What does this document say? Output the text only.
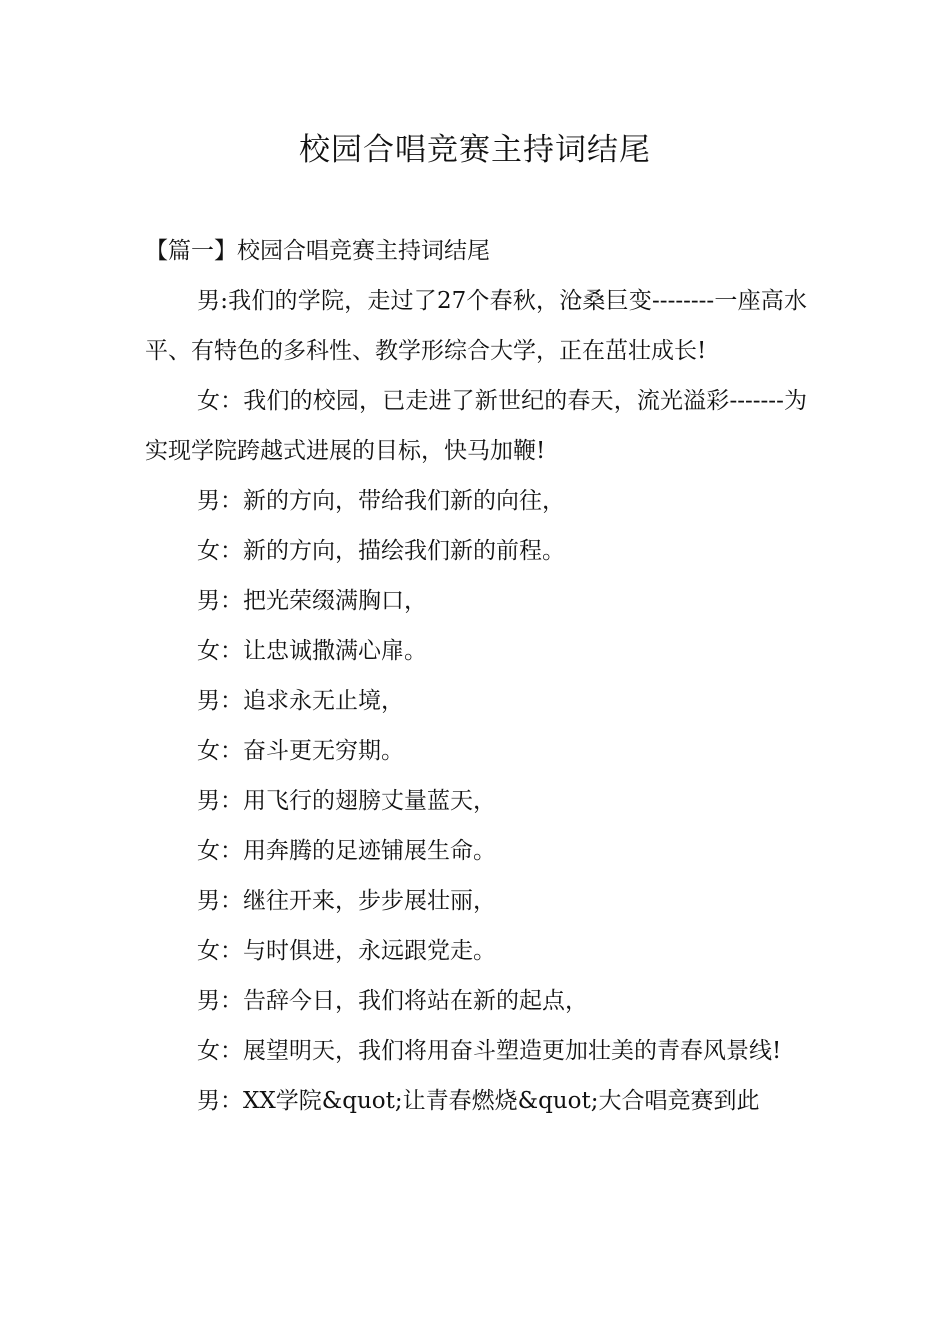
校园合唱竞赛主持词结尾

【篇一】校园合唱竞赛主持词结尾

男:我们的学院，走过了27个春秋，沧桑巨变--------一座高水平、有特色的多科性、教学形综合大学，正在茁壮成长!

女：我们的校园，已走进了新世纪的春天，流光溢彩-------为实现学院跨越式进展的目标，快马加鞭!

男：新的方向，带给我们新的向往，

女：新的方向，描绘我们新的前程。

男：把光荣缀满胸口，

女：让忠诚撒满心扉。

男：追求永无止境，

女：奋斗更无穷期。

男：用飞行的翅膀丈量蓝天，

女：用奔腾的足迹铺展生命。

男：继往开来，步步展壮丽，

女：与时俱进，永远跟党走。

男：告辞今日，我们将站在新的起点，

女：展望明天，我们将用奋斗塑造更加壮美的青春风景线!

男：XX学院&quot;让青春燃烧&quot;大合唱竞赛到此
